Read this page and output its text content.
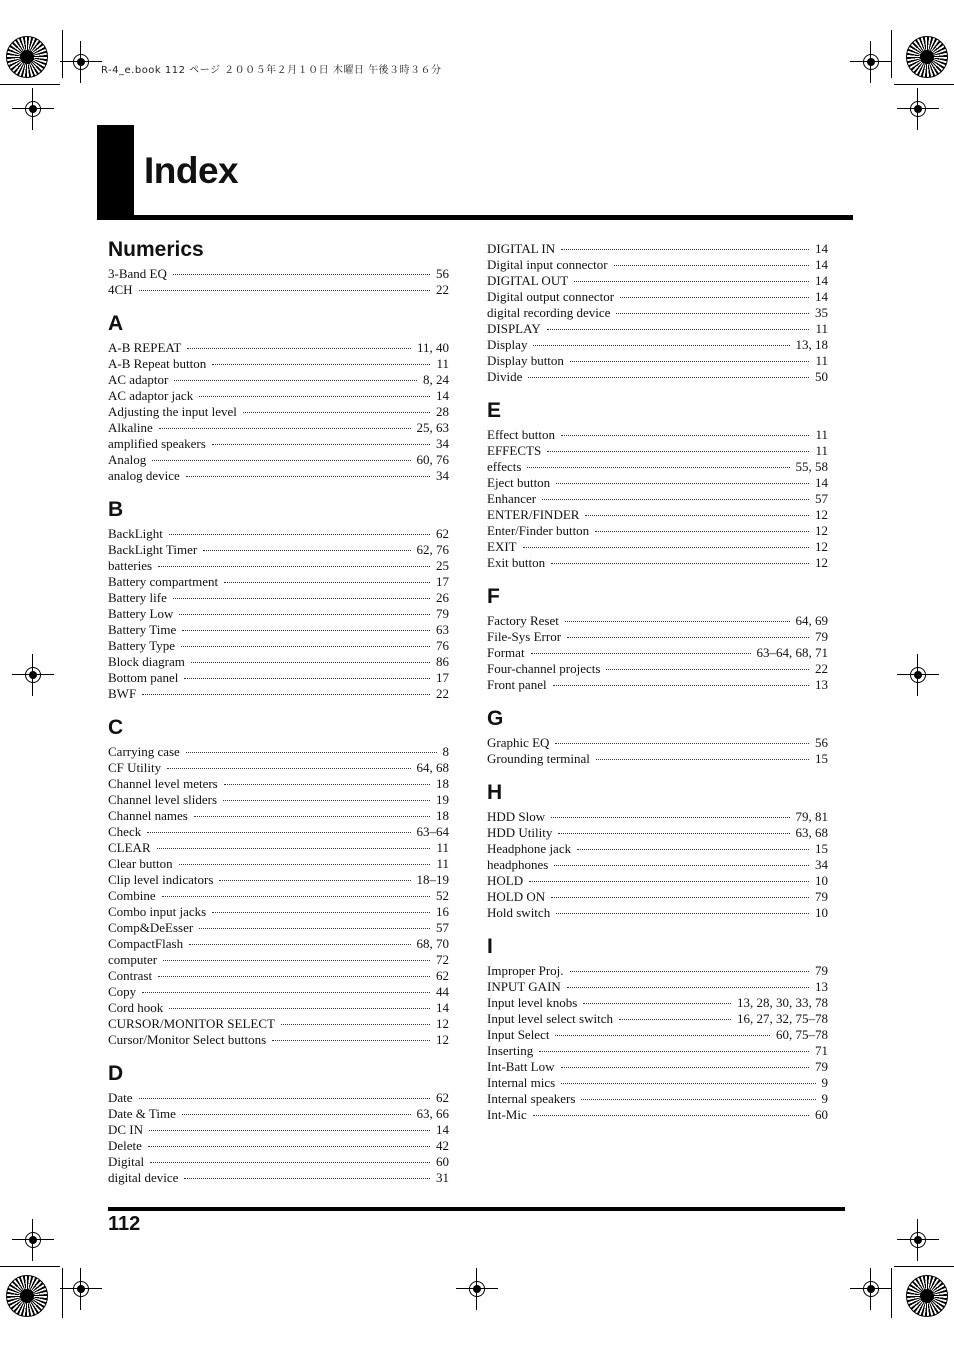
R-4_e.book 112 ページ ２００５年２月１０日 木曜日 午後３時３６分
Index
Numerics
3-Band EQ	56
4CH	22
A
A-B REPEAT	11, 40
A-B Repeat button	11
AC adaptor	8, 24
AC adaptor jack	14
Adjusting the input level	28
Alkaline	25, 63
amplified speakers	34
Analog	60, 76
analog device	34
B
BackLight	62
BackLight Timer	62, 76
batteries	25
Battery compartment	17
Battery life	26
Battery Low	79
Battery Time	63
Battery Type	76
Block diagram	86
Bottom panel	17
BWF	22
C
Carrying case	8
CF Utility	64, 68
Channel level meters	18
Channel level sliders	19
Channel names	18
Check	63–64
CLEAR	11
Clear button	11
Clip level indicators	18–19
Combine	52
Combo input jacks	16
Comp&DeEsser	57
CompactFlash	68, 70
computer	72
Contrast	62
Copy	44
Cord hook	14
CURSOR/MONITOR SELECT	12
Cursor/Monitor Select buttons	12
D
Date	62
Date & Time	63, 66
DC IN	14
Delete	42
Digital	60
digital device	31
DIGITAL IN	14
Digital input connector	14
DIGITAL OUT	14
Digital output connector	14
digital recording device	35
DISPLAY	11
Display	13, 18
Display button	11
Divide	50
E
Effect button	11
EFFECTS	11
effects	55, 58
Eject button	14
Enhancer	57
ENTER/FINDER	12
Enter/Finder button	12
EXIT	12
Exit button	12
F
Factory Reset	64, 69
File-Sys Error	79
Format	63–64, 68, 71
Four-channel projects	22
Front panel	13
G
Graphic EQ	56
Grounding terminal	15
H
HDD Slow	79, 81
HDD Utility	63, 68
Headphone jack	15
headphones	34
HOLD	10
HOLD ON	79
Hold switch	10
I
Improper Proj.	79
INPUT GAIN	13
Input level knobs	13, 28, 30, 33, 78
Input level select switch	16, 27, 32, 75–78
Input Select	60, 75–78
Inserting	71
Int-Batt Low	79
Internal mics	9
Internal speakers	9
Int-Mic	60
112
